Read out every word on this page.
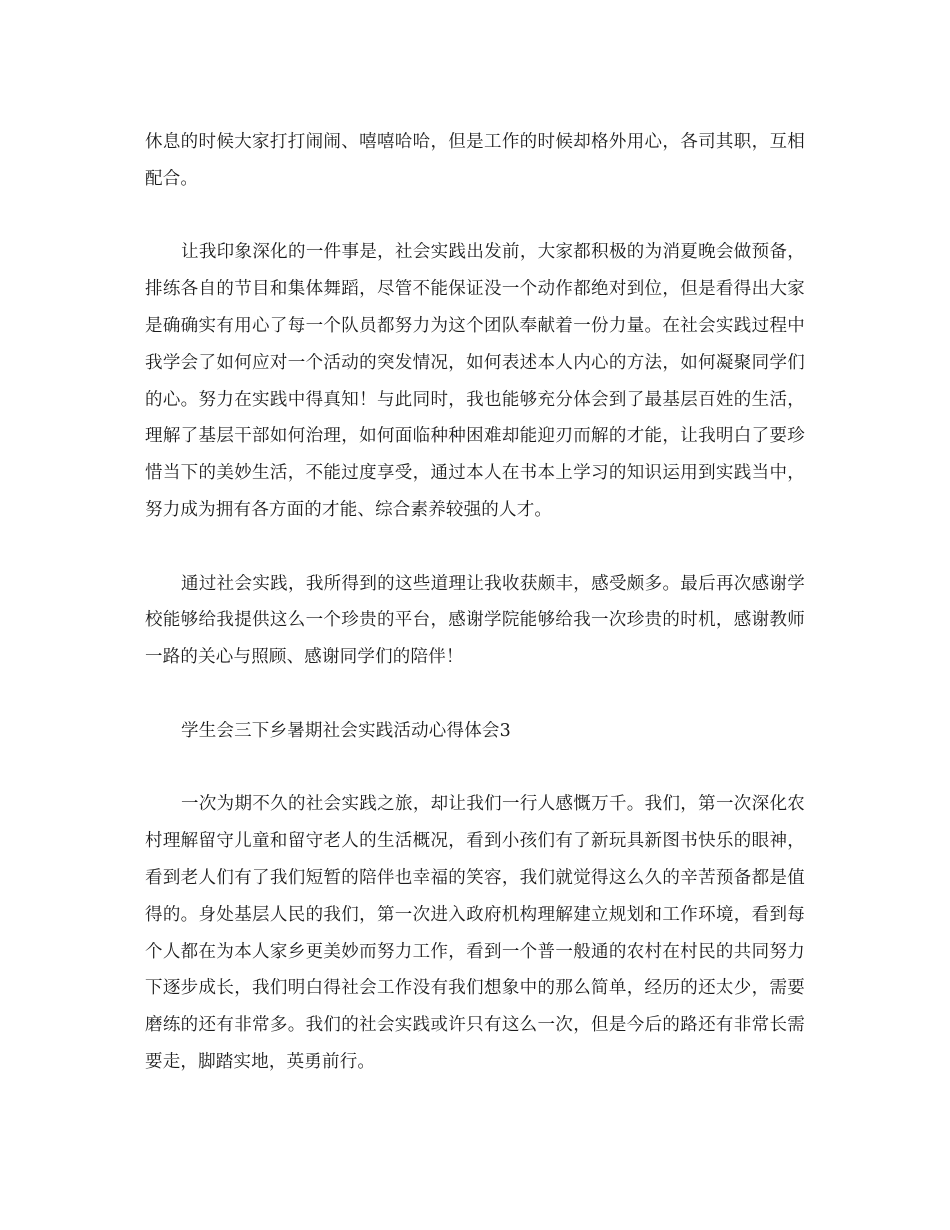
休息的时候大家打打闹闹、嘻嘻哈哈，但是工作的时候却格外用心，各司其职，互相配合。

让我印象深化的一件事是，社会实践出发前，大家都积极的为消夏晚会做预备，排练各自的节目和集体舞蹈，尽管不能保证没一个动作都绝对到位，但是看得出大家是确确实有用心了每一个队员都努力为这个团队奉献着一份力量。在社会实践过程中我学会了如何应对一个活动的突发情况，如何表述本人内心的方法，如何凝聚同学们的心。努力在实践中得真知！与此同时，我也能够充分体会到了最基层百姓的生活，理解了基层干部如何治理，如何面临种种困难却能迎刃而解的才能，让我明白了要珍惜当下的美妙生活，不能过度享受，通过本人在书本上学习的知识运用到实践当中，努力成为拥有各方面的才能、综合素养较强的人才。

通过社会实践，我所得到的这些道理让我收获颇丰，感受颇多。最后再次感谢学校能够给我提供这么一个珍贵的平台，感谢学院能够给我一次珍贵的时机，感谢教师一路的关心与照顾、感谢同学们的陪伴！

学生会三下乡暑期社会实践活动心得体会3

一次为期不久的社会实践之旅，却让我们一行人感慨万千。我们，第一次深化农村理解留守儿童和留守老人的生活概况，看到小孩们有了新玩具新图书快乐的眼神，看到老人们有了我们短暂的陪伴也幸福的笑容，我们就觉得这么久的辛苦预备都是值得的。身处基层人民的我们，第一次进入政府机构理解建立规划和工作环境，看到每个人都在为本人家乡更美妙而努力工作，看到一个普一般通的农村在村民的共同努力下逐步成长，我们明白得社会工作没有我们想象中的那么简单，经历的还太少，需要磨练的还有非常多。我们的社会实践或许只有这么一次，但是今后的路还有非常长需要走，脚踏实地，英勇前行。
